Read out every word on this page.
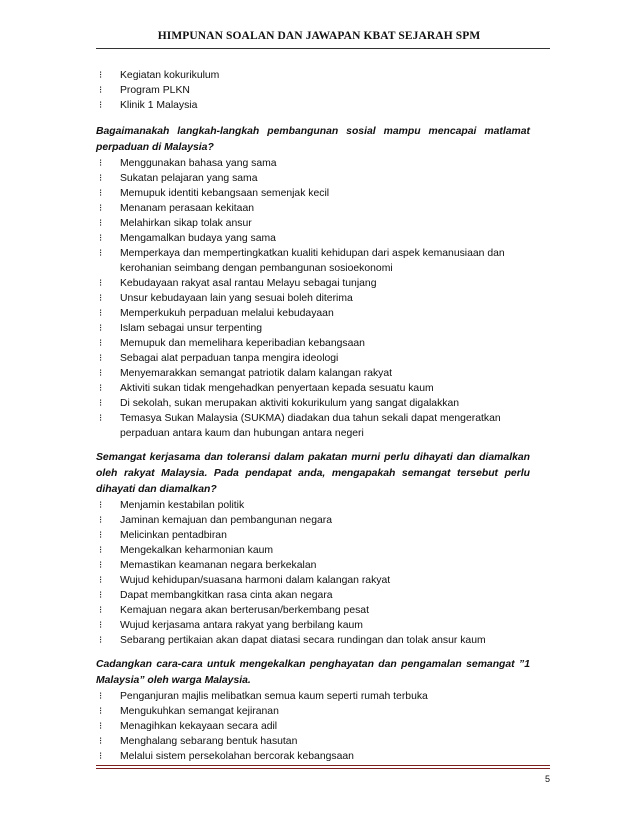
HIMPUNAN SOALAN DAN JAWAPAN KBAT SEJARAH SPM
⁝ Kegiatan kokurikulum
⁝ Program PLKN
⁝ Klinik 1 Malaysia
Bagaimanakah langkah-langkah pembangunan sosial mampu mencapai matlamat perpaduan di Malaysia?
⁝ Menggunakan bahasa yang sama
⁝ Sukatan pelajaran yang sama
⁝ Memupuk identiti kebangsaan semenjak kecil
⁝ Menanam perasaan kekitaan
⁝ Melahirkan sikap tolak ansur
⁝ Mengamalkan budaya yang sama
⁝ Memperkaya dan mempertingkatkan kualiti kehidupan dari aspek kemanusiaan dan kerohanian seimbang dengan pembangunan sosioekonomi
⁝ Kebudayaan rakyat asal rantau Melayu sebagai tunjang
⁝ Unsur kebudayaan lain yang sesuai boleh diterima
⁝ Memperkukuh perpaduan melalui kebudayaan
⁝ Islam sebagai unsur terpenting
⁝ Memupuk dan memelihara keperibadian kebangsaan
⁝ Sebagai alat perpaduan tanpa mengira ideologi
⁝ Menyemarakkan semangat patriotik dalam kalangan rakyat
⁝ Aktiviti sukan tidak mengehadkan penyertaan kepada sesuatu kaum
⁝ Di sekolah, sukan merupakan aktiviti kokurikulum yang sangat digalakkan
⁝ Temasya Sukan Malaysia (SUKMA) diadakan dua tahun sekali dapat mengeratkan perpaduan antara kaum dan hubungan antara negeri
Semangat kerjasama dan toleransi dalam pakatan murni perlu dihayati dan diamalkan oleh rakyat Malaysia. Pada pendapat anda, mengapakah semangat tersebut perlu dihayati dan diamalkan?
⁝ Menjamin kestabilan politik
⁝ Jaminan kemajuan dan pembangunan negara
⁝ Melicinkan pentadbiran
⁝ Mengekalkan keharmonian kaum
⁝ Memastikan keamanan negara berkekalan
⁝ Wujud kehidupan/suasana harmoni dalam kalangan rakyat
⁝ Dapat membangkitkan rasa cinta akan negara
⁝ Kemajuan negara akan berterusan/berkembang pesat
⁝ Wujud kerjasama antara rakyat yang berbilang kaum
⁝ Sebarang pertikaian akan dapat diatasi secara rundingan dan tolak ansur kaum
Cadangkan cara-cara untuk mengekalkan penghayatan dan pengamalan semangat ”1 Malaysia” oleh warga Malaysia.
⁝ Penganjuran majlis melibatkan semua kaum seperti rumah terbuka
⁝ Mengukuhkan semangat kejiranan
⁝ Menagihkan kekayaan secara adil
⁝ Menghalang sebarang bentuk hasutan
⁝ Melalui sistem persekolahan bercorak kebangsaan
5
